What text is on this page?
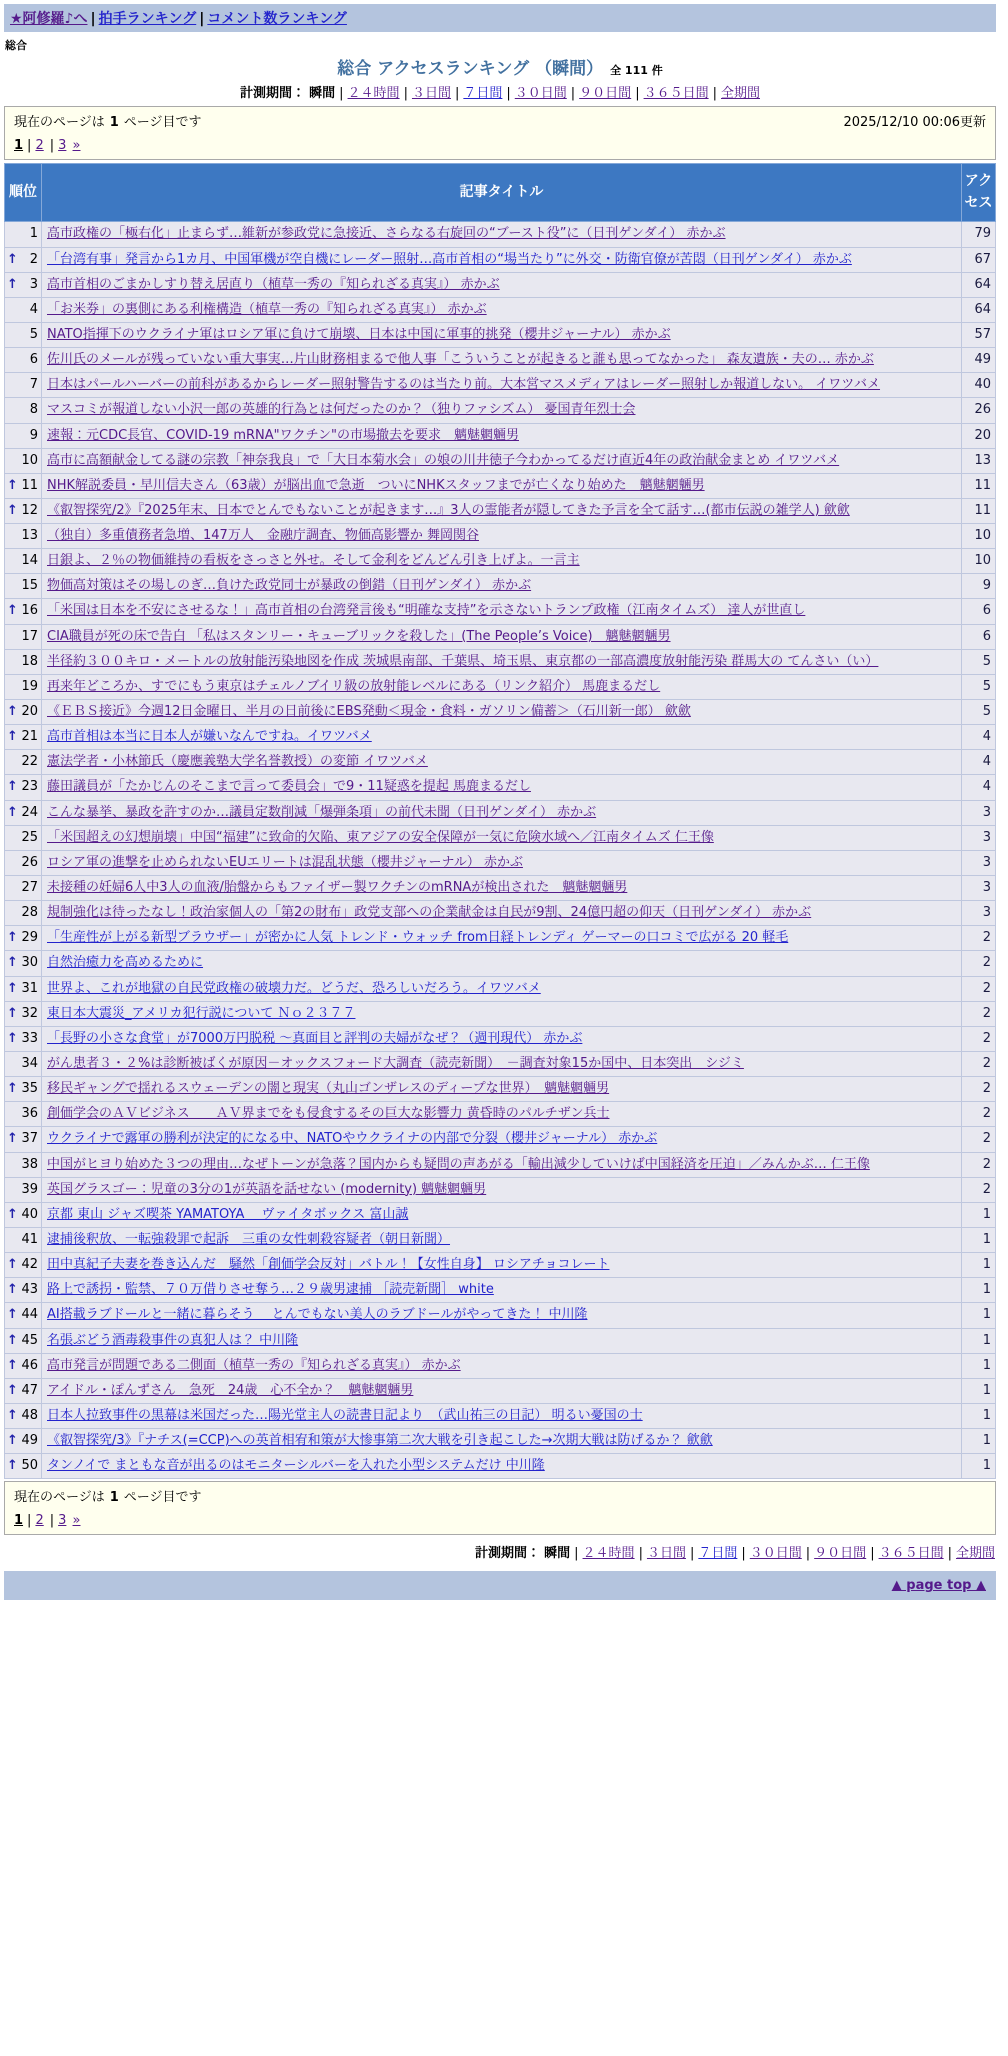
★阿修羅♪へ | 拍手ランキング | コメント数ランキング
総合
総合 アクセスランキング （瞬間） 全 111 件
計測期間： 瞬間 | ２４時間 | ３日間 | ７日間 | ３０日間 | ９０日間 | ３６５日間 | 全期間
現在のページは 1 ページ目です	2025/12/10 00:06更新
1 | 2 | 3 »
順位	記事タイトル	アクセス
1	高市政権の「極右化」止まらず…維新が参政党に急接近、さらなる右旋回の“ブースト役”に（日刊ゲンダイ） 赤かぶ	79

↑ 2	「台湾有事」発言から1カ月、中国軍機が空自機にレーダー照射…高市首相の“場当たり”に外交・防衛官僚が苦悶（日刊ゲンダイ） 赤かぶ	67

↑ 3	高市首相のごまかしすり替え居直り（植草一秀の『知られざる真実』） 赤かぶ	64
4	「お米券」の裏側にある利権構造（植草一秀の『知られざる真実』） 赤かぶ	64
5	NATO指揮下のウクライナ軍はロシア軍に負けて崩壊、日本は中国に軍事的挑発（櫻井ジャーナル） 赤かぶ	57
6	佐川氏のメールが残っていない重大事実…片山財務相まるで他人事「こういうことが起きると誰も思ってなかった」 森友遺族・夫の… 赤かぶ	49
7	日本はパールハーバーの前科があるからレーダー照射警告するのは当たり前。大本営マスメディアはレーダー照射しか報道しない。 イワツバメ	40
8	マスコミが報道しない小沢一郎の英雄的行為とは何だったのか？（独りファシズム） 憂国青年烈士会	26
9	速報：元CDC長官、COVID-19 mRNA"ワクチン"の市場撤去を要求　魑魅魍魎男	20
10	高市に高額献金してる謎の宗教「神奈我良」で「大日本菊水会」の娘の川井徳子今わかってるだけ直近4年の政治献金まとめ イワツバメ	13

↑ 11	NHK解説委員・早川信夫さん（63歳）が脳出血で急逝　ついにNHKスタッフまでが亡くなり始めた　魑魅魍魎男	11

↑ 12	《叡智探究/2》『2025年末、日本でとんでもないことが起きます…』3人の霊能者が隠してきた予言を全て話す…(都市伝説の雑学人) 歛歛	11
13	（独自）多重債務者急増、147万人　金融庁調査、物価高影響か 舞岡関谷	10
14	日銀よ、２％の物価維持の看板をさっさと外せ。そして金利をどんどん引き上げよ。一言主	10
15	物価高対策はその場しのぎ…負けた政党同士が暴政の倒錯（日刊ゲンダイ） 赤かぶ	9

↑ 16	「米国は日本を不安にさせるな！」高市首相の台湾発言後も“明確な支持”を示さないトランプ政権（江南タイムズ） 達人が世直し	6
17	CIA職員が死の床で告白 「私はスタンリー・キューブリックを殺した」(The People’s Voice)　魑魅魍魎男	6
18	半径約３００キロ・メートルの放射能汚染地図を作成 茨城県南部、千葉県、埼玉県、東京都の一部高濃度放射能汚染 群馬大の てんさい（い）	5
19	再来年どころか、すでにもう東京はチェルノブイリ級の放射能レベルにある（リンク紹介） 馬鹿まるだし	5

↑ 20	《ＥＢＳ接近》今週12日金曜日、半月の日前後にEBS発動＜現金・食料・ガソリン備蓄＞（石川新一郎） 歛歛	5

↑ 21	高市首相は本当に日本人が嫌いなんですね。イワツバメ	4
22	憲法学者・小林節氏（慶應義塾大学名誉教授）の変節 イワツバメ	4

↑ 23	藤田議員が「たかじんのそこまで言って委員会」で9・11疑惑を提起 馬鹿まるだし	4

↑ 24	こんな暴挙、暴政を許すのか…議員定数削減「爆弾条項」の前代未聞（日刊ゲンダイ） 赤かぶ	3
25	「米国超えの幻想崩壊」中国“福建”に致命的欠陥、東アジアの安全保障が一気に危険水域へ／江南タイムズ 仁王像	3
26	ロシア軍の進撃を止められないEUエリートは混乱状態（櫻井ジャーナル） 赤かぶ	3
27	未接種の妊婦6人中3人の血液/胎盤からもファイザー製ワクチンのmRNAが検出された　魑魅魍魎男	3
28	規制強化は待ったなし！政治家個人の「第2の財布」政党支部への企業献金は自民が9割、24億円超の仰天（日刊ゲンダイ） 赤かぶ	3

↑ 29	「生産性が上がる新型ブラウザー」が密かに人気 トレンド・ウォッチ from日経トレンディ ゲーマーの口コミで広がる 20 軽毛	2

↑ 30	自然治癒力を高めるために	2

↑ 31	世界よ、これが地獄の自民党政権の破壊力だ。どうだ、恐ろしいだろう。イワツバメ	2

↑ 32	東日本大震災_アメリカ犯行説について Ｎｏ２３７７	2

↑ 33	「長野の小さな食堂」が7000万円脱税 〜真面目と評判の夫婦がなぜ？（週刊現代） 赤かぶ	2
34	がん患者３・２%は診断被ばくが原因－オックスフォード大調査（読売新聞）　－調査対象15か国中、日本突出　シジミ	2

↑ 35	移民ギャングで揺れるスウェーデンの闇と現実（丸山ゴンザレスのディープな世界）　魑魅魍魎男	2
36	創価学会のＡＶビジネス　　ＡＶ界までをも侵食するその巨大な影響力 黄昏時のパルチザン兵士	2

↑ 37	ウクライナで露軍の勝利が決定的になる中、NATOやウクライナの内部で分裂（櫻井ジャーナル） 赤かぶ	2
38	中国がヒヨり始めた３つの理由…なぜトーンが急落？国内からも疑問の声あがる「輸出減少していけば中国経済を圧迫」／みんかぶ… 仁王像	2
39	英国グラスゴー：児童の3分の1が英語を話せない (modernity) 魑魅魍魎男	2

↑ 40	京都 東山 ジャズ喫茶 YAMATOYA ＿ヴァイタボックス 富山誠	1
41	逮捕後釈放、一転強殺罪で起訴　三重の女性刺殺容疑者（朝日新聞）	1

↑ 42	田中真紀子夫妻を巻き込んだ　騒然「創価学会反対」バトル！【女性自身】 ロシアチョコレート	1

↑ 43	路上で誘拐・監禁、７０万借りさせ奪う…２９歳男逮捕 ［読売新聞］ white	1

↑ 44	AI搭載ラブドールと一緒に暮らそう ＿とんでもない美人のラブドールがやってきた！ 中川隆	1

↑ 45	名張ぶどう酒毒殺事件の真犯人は？ 中川隆	1

↑ 46	高市発言が問題である二側面（植草一秀の『知られざる真実』） 赤かぶ	1

↑ 47	アイドル・ぽんずさん　急死　24歳　心不全か？　魑魅魍魎男	1

↑ 48	日本人拉致事件の黒幕は米国だった…陽光堂主人の読書日記より　（武山祐三の日記） 明るい憂国の士	1

↑ 49	《叡智探究/3》『ナチス(=CCP)への英首相宥和策が大惨事第二次大戦を引き起こした→次期大戦は防げるか？ 歛歛	1

↑ 50	タンノイで まともな音が出るのはモニターシルバーを入れた小型システムだけ 中川隆	1
現在のページは 1 ページ目です
1 | 2 | 3 »
計測期間： 瞬間 | ２４時間 | ３日間 | ７日間 | ３０日間 | ９０日間 | ３６５日間 | 全期間
▲ page top ▲
